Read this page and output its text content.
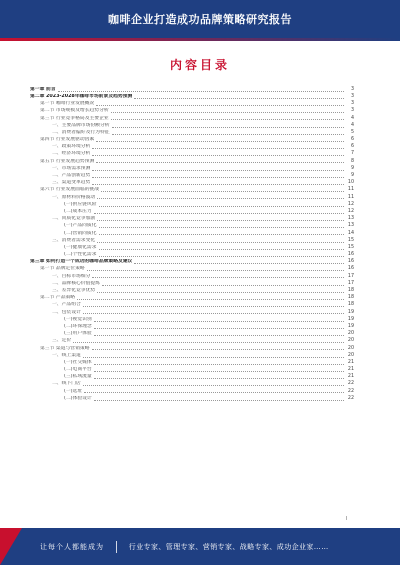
咖啡企业打造成功品牌策略研究报告
内容目录
第一章 前言	3
第二章 2023-2028年咖啡市场前景及趋势预测	3
第一节 咖啡行业发展概况	3
第二节 市场规模及增长趋势分析	3
第三节 行业竞争格局及主要企业	4
一、主要品牌市场份额分析	4
二、消费者偏好及行为特征	5
第四节 行业发展驱动因素	6
一、政策环境分析	6
二、经济环境分析	7
第五节 行业发展趋势预测	8
一、市场需求预测	9
二、产品创新趋势	9
三、渠道变革趋势	10
第六节 行业发展面临的挑战	11
一、原材料价格波动	11
(一)供应链风险	12
(二)成本压力	12
二、同质化竞争加剧	13
(一)产品同质化	13
(二)营销同质化	14
三、消费者需求变化	15
(一)健康化需求	15
(二)个性化需求	16
第三章 如何打造一个成功的咖啡品牌策略及建议	16
第一节 品牌定位策略	16
一、目标市场细分	17
二、品牌核心价值提炼	17
三、差异化竞争优势	18
第二节 产品策略	18
一、产品组合	18
二、包装设计	19
(一)视觉识别	19
(二)环保理念	19
(三)用户体验	20
三、定价	20
第三节 渠道与营销策略	20
一、线上渠道	20
(一)社交媒体	21
(二)电商平台	21
(三)私域流量	21
二、线下门店	22
(一)选址	22
(二)体验设计	22
I
让每个人都能成为	行业专家、管理专家、营销专家、战略专家、成功企业家……
